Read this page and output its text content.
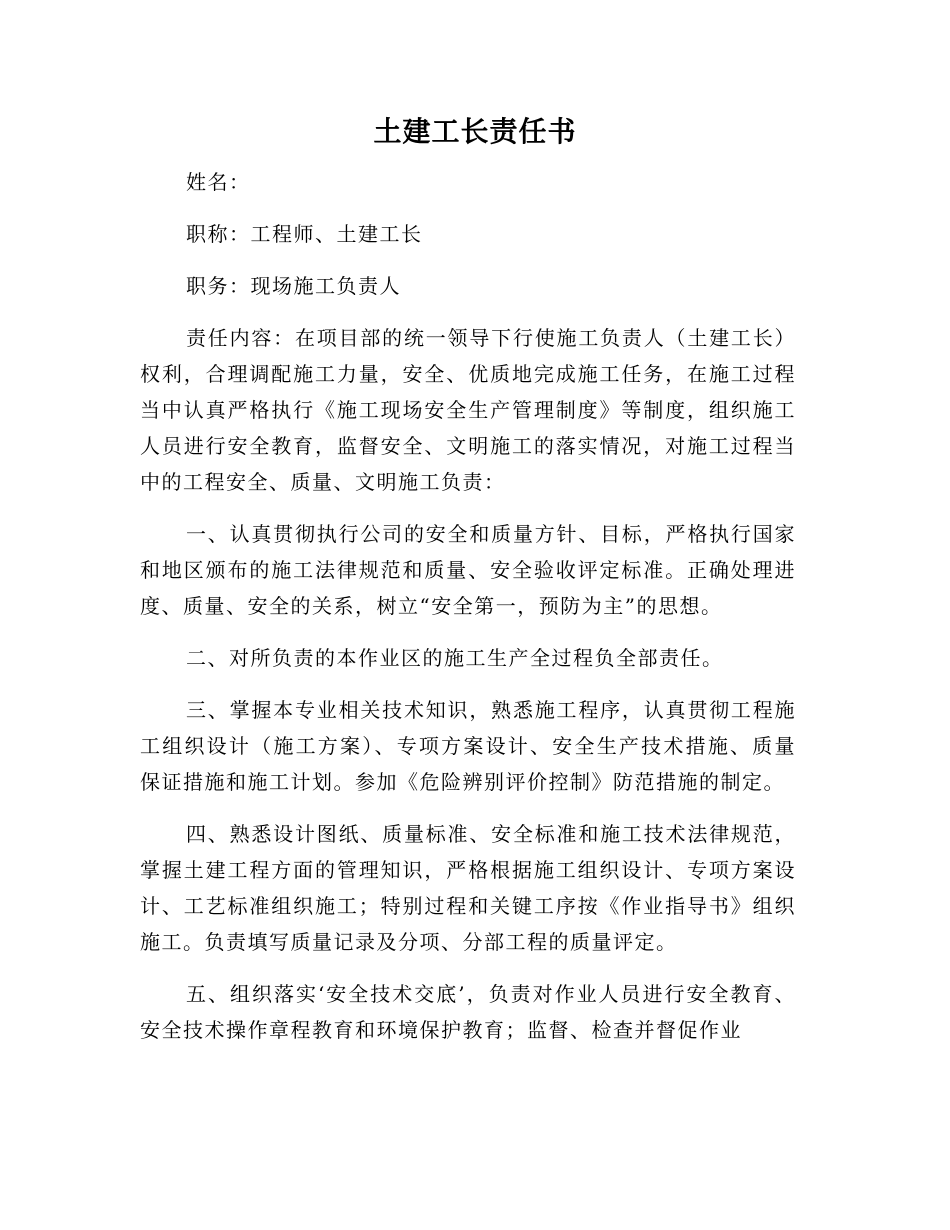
土建工长责任书

姓名：

职称：工程师、土建工长

职务：现场施工负责人

责任内容：在项目部的统一领导下行使施工负责人（土建工长）权利，合理调配施工力量，安全、优质地完成施工任务，在施工过程当中认真严格执行《施工现场安全生产管理制度》等制度，组织施工人员进行安全教育，监督安全、文明施工的落实情况，对施工过程当中的工程安全、质量、文明施工负责：

一、认真贯彻执行公司的安全和质量方针、目标，严格执行国家和地区颁布的施工法律规范和质量、安全验收评定标准。正确处理进度、质量、安全的关系，树立“安全第一，预防为主”的思想。

二、对所负责的本作业区的施工生产全过程负全部责任。

三、掌握本专业相关技术知识，熟悉施工程序，认真贯彻工程施工组织设计（施工方案）、专项方案设计、安全生产技术措施、质量保证措施和施工计划。参加《危险辨别评价控制》防范措施的制定。

四、熟悉设计图纸、质量标准、安全标准和施工技术法律规范，掌握土建工程方面的管理知识，严格根据施工组织设计、专项方案设计、工艺标准组织施工；特别过程和关键工序按《作业指导书》组织施工。负责填写质量记录及分项、分部工程的质量评定。

五、组织落实‘安全技术交底’，负责对作业人员进行安全教育、安全技术操作章程教育和环境保护教育；监督、检查并督促作业
